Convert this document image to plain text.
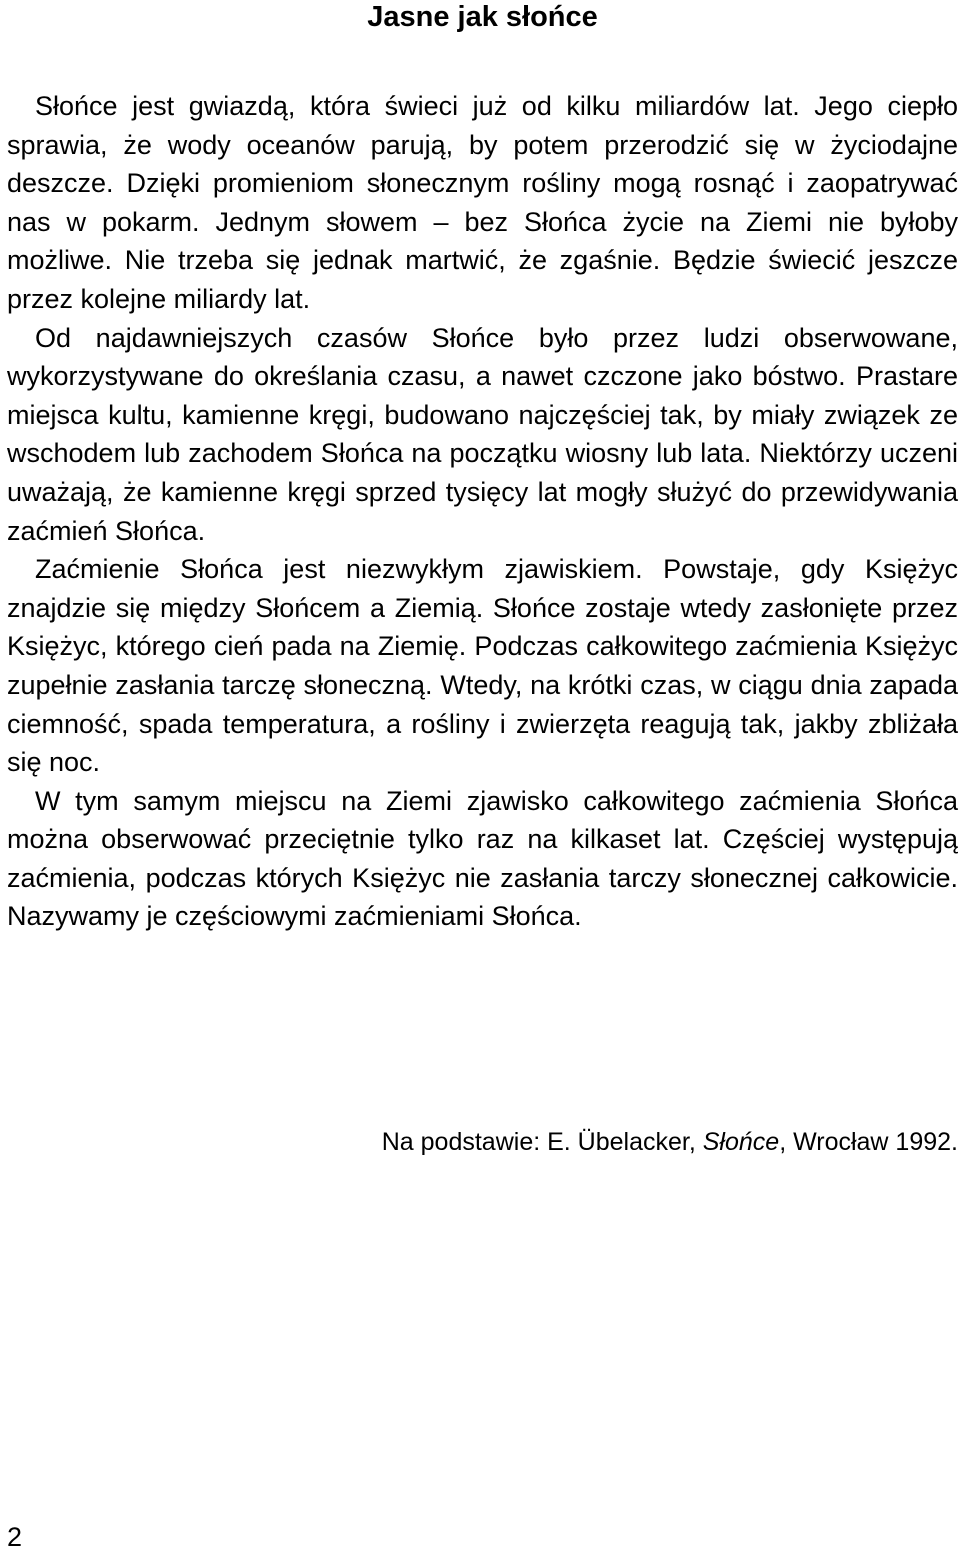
Jasne jak słońce

Słońce jest gwiazdą, która świeci już od kilku miliardów lat. Jego ciepło sprawia, że wody oceanów parują, by potem przerodzić się w życiodajne deszcze. Dzięki promieniom słonecznym rośliny mogą rosnąć i zaopatrywać nas w pokarm. Jednym słowem – bez Słońca życie na Ziemi nie byłoby możliwe. Nie trzeba się jednak martwić, że zgaśnie. Będzie świecić jeszcze przez kolejne miliardy lat.

Od najdawniejszych czasów Słońce było przez ludzi obserwowane, wykorzystywane do określania czasu, a nawet czczone jako bóstwo. Prastare miejsca kultu, kamienne kręgi, budowano najczęściej tak, by miały związek ze wschodem lub zachodem Słońca na początku wiosny lub lata. Niektórzy uczeni uważają, że kamienne kręgi sprzed tysięcy lat mogły służyć do przewidywania zaćmień Słońca.

Zaćmienie Słońca jest niezwykłym zjawiskiem. Powstaje, gdy Księżyc znajdzie się między Słońcem a Ziemią. Słońce zostaje wtedy zasłonięte przez Księżyc, którego cień pada na Ziemię. Podczas całkowitego zaćmienia Księżyc zupełnie zasłania tarczę słoneczną. Wtedy, na krótki czas, w ciągu dnia zapada ciemność, spada temperatura, a rośliny i zwierzęta reagują tak, jakby zbliżała się noc.

W tym samym miejscu na Ziemi zjawisko całkowitego zaćmienia Słońca można obserwować przeciętnie tylko raz na kilkaset lat. Częściej występują zaćmienia, podczas których Księżyc nie zasłania tarczy słonecznej całkowicie. Nazywamy je częściowymi zaćmieniami Słońca.

Na podstawie: E. Übelacker, Słońce, Wrocław 1992.
2
